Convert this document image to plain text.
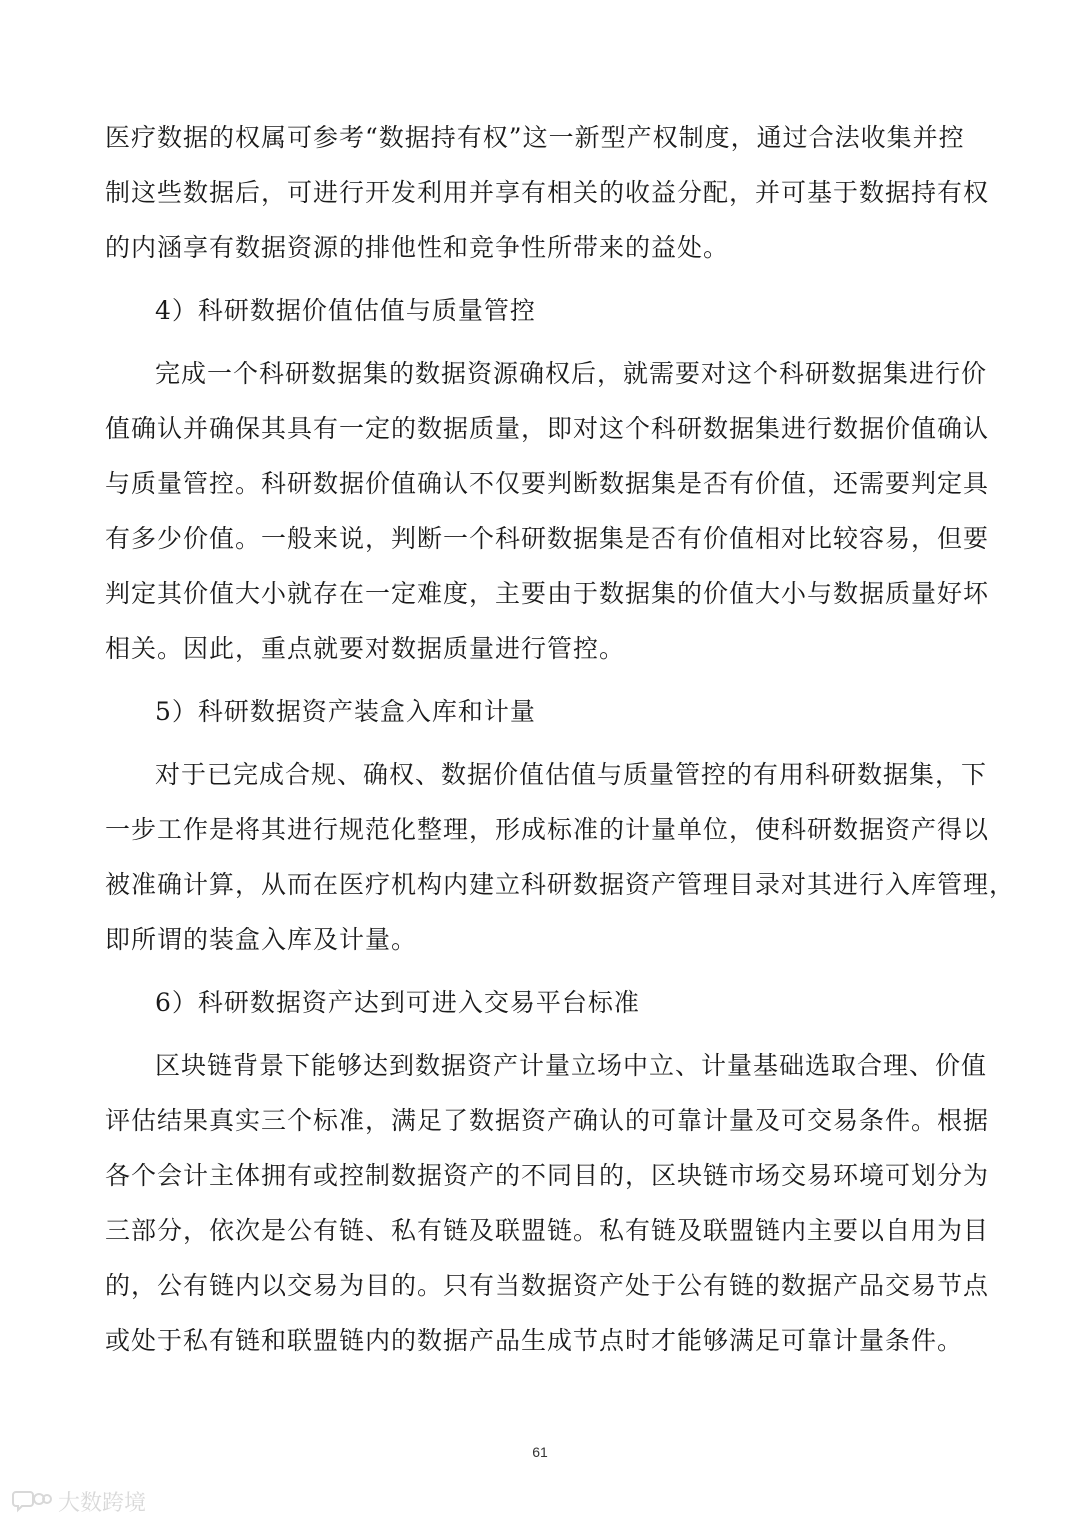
医疗数据的权属可参考“数据持有权”这一新型产权制度，通过合法收集并控
制这些数据后，可进行开发利用并享有相关的收益分配，并可基于数据持有权
的内涵享有数据资源的排他性和竞争性所带来的益处。
4）科研数据价值估值与质量管控
完成一个科研数据集的数据资源确权后，就需要对这个科研数据集进行价
值确认并确保其具有一定的数据质量，即对这个科研数据集进行数据价值确认
与质量管控。科研数据价值确认不仅要判断数据集是否有价值，还需要判定具
有多少价值。一般来说，判断一个科研数据集是否有价值相对比较容易，但要
判定其价值大小就存在一定难度，主要由于数据集的价值大小与数据质量好坏
相关。因此，重点就要对数据质量进行管控。
5）科研数据资产装盒入库和计量
对于已完成合规、确权、数据价值估值与质量管控的有用科研数据集，下
一步工作是将其进行规范化整理，形成标准的计量单位，使科研数据资产得以
被准确计算，从而在医疗机构内建立科研数据资产管理目录对其进行入库管理，
即所谓的装盒入库及计量。
6）科研数据资产达到可进入交易平台标准
区块链背景下能够达到数据资产计量立场中立、计量基础选取合理、价值
评估结果真实三个标准，满足了数据资产确认的可靠计量及可交易条件。根据
各个会计主体拥有或控制数据资产的不同目的，区块链市场交易环境可划分为
三部分，依次是公有链、私有链及联盟链。私有链及联盟链内主要以自用为目
的，公有链内以交易为目的。只有当数据资产处于公有链的数据产品交易节点
或处于私有链和联盟链内的数据产品生成节点时才能够满足可靠计量条件。
61
大数跨境
